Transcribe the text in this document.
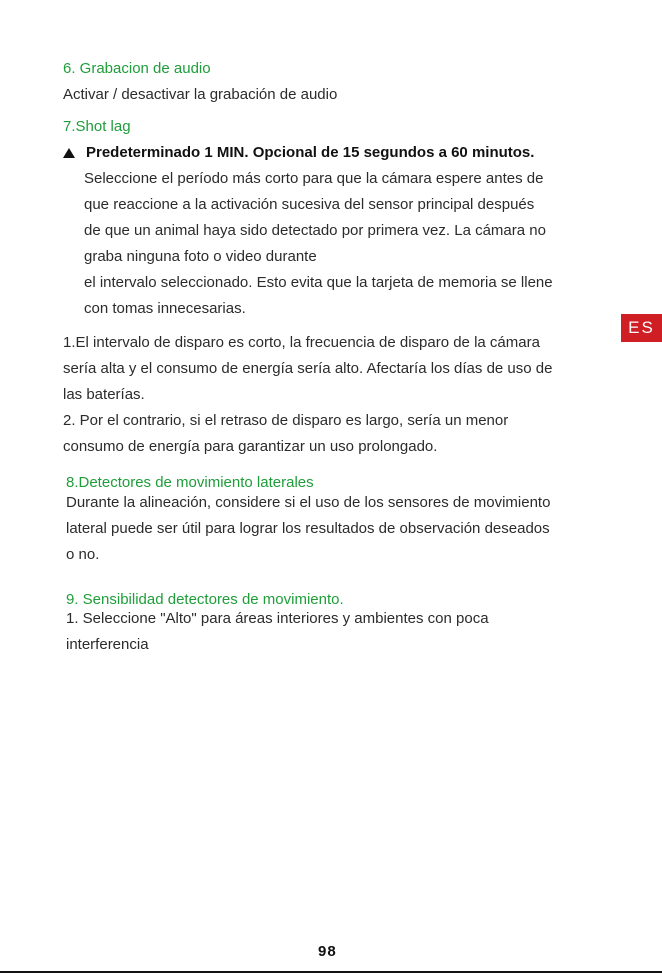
6. Grabacion de audio
Activar / desactivar la grabación de audio
7.Shot lag
Predeterminado 1 MIN. Opcional de 15 segundos a 60 minutos.
Seleccione el período más corto para que la cámara espere antes de
que reaccione a la activación sucesiva del sensor principal después
de que un animal haya sido detectado por primera vez. La cámara no
graba ninguna foto o video durante
el intervalo seleccionado. Esto evita que la tarjeta de memoria se llene
con tomas innecesarias.
1.El intervalo de disparo es corto, la frecuencia de disparo de la cámara
sería alta y el consumo de energía sería alto. Afectaría los días de uso de
las baterías.
2. Por el contrario, si el retraso de disparo es largo, sería un menor
consumo de energía para garantizar un uso prolongado.
8.Detectores de movimiento laterales
Durante la alineación, considere si el uso de los sensores de movimiento
lateral puede ser útil para lograr los resultados de observación deseados
o no.
9. Sensibilidad detectores de movimiento.
1. Seleccione "Alto" para áreas interiores y ambientes con poca
interferencia
ES
98
